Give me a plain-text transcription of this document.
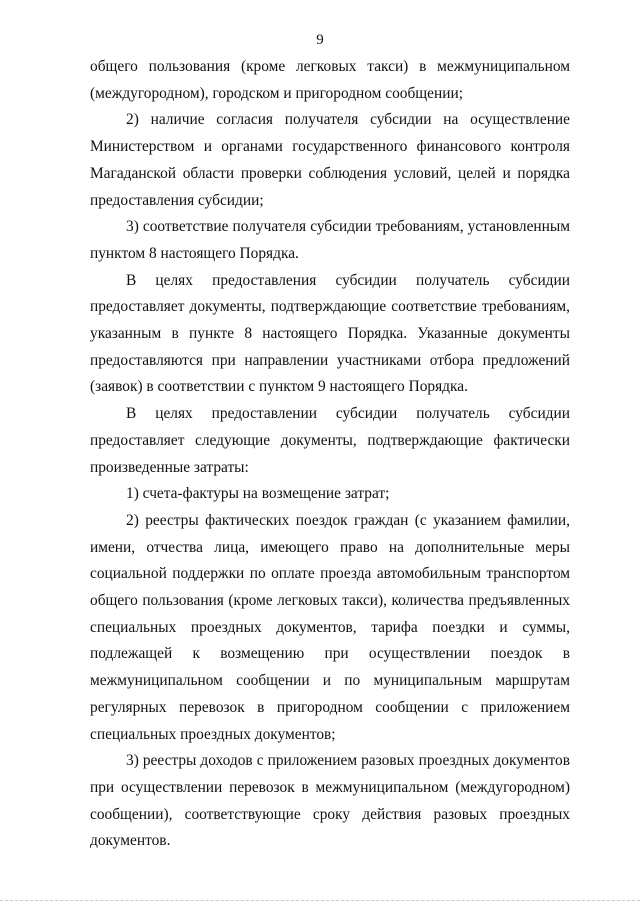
9

общего пользования (кроме легковых такси) в межмуниципальном (междугородном), городском и пригородном сообщении;

2) наличие согласия получателя субсидии на осуществление Министерством и органами государственного финансового контроля Магаданской области проверки соблюдения условий, целей и порядка предоставления субсидии;

3) соответствие получателя субсидии требованиям, установленным пунктом 8 настоящего Порядка.

В целях предоставления субсидии получатель субсидии предоставляет документы, подтверждающие соответствие требованиям, указанным в пункте 8 настоящего Порядка. Указанные документы предоставляются при направлении участниками отбора предложений (заявок) в соответствии с пунктом 9 настоящего Порядка.

В целях предоставлении субсидии получатель субсидии предоставляет следующие документы, подтверждающие фактически произведенные затраты:

1) счета-фактуры на возмещение затрат;

2) реестры фактических поездок граждан (с указанием фамилии, имени, отчества лица, имеющего право на дополнительные меры социальной поддержки по оплате проезда автомобильным транспортом общего пользования (кроме легковых такси), количества предъявленных специальных проездных документов, тарифа поездки и суммы, подлежащей к возмещению при осуществлении поездок в межмуниципальном сообщении и по муниципальным маршрутам регулярных перевозок в пригородном сообщении с приложением специальных проездных документов;

3) реестры доходов с приложением разовых проездных документов при осуществлении перевозок в межмуниципальном (междугородном) сообщении), соответствующие сроку действия разовых проездных документов.
